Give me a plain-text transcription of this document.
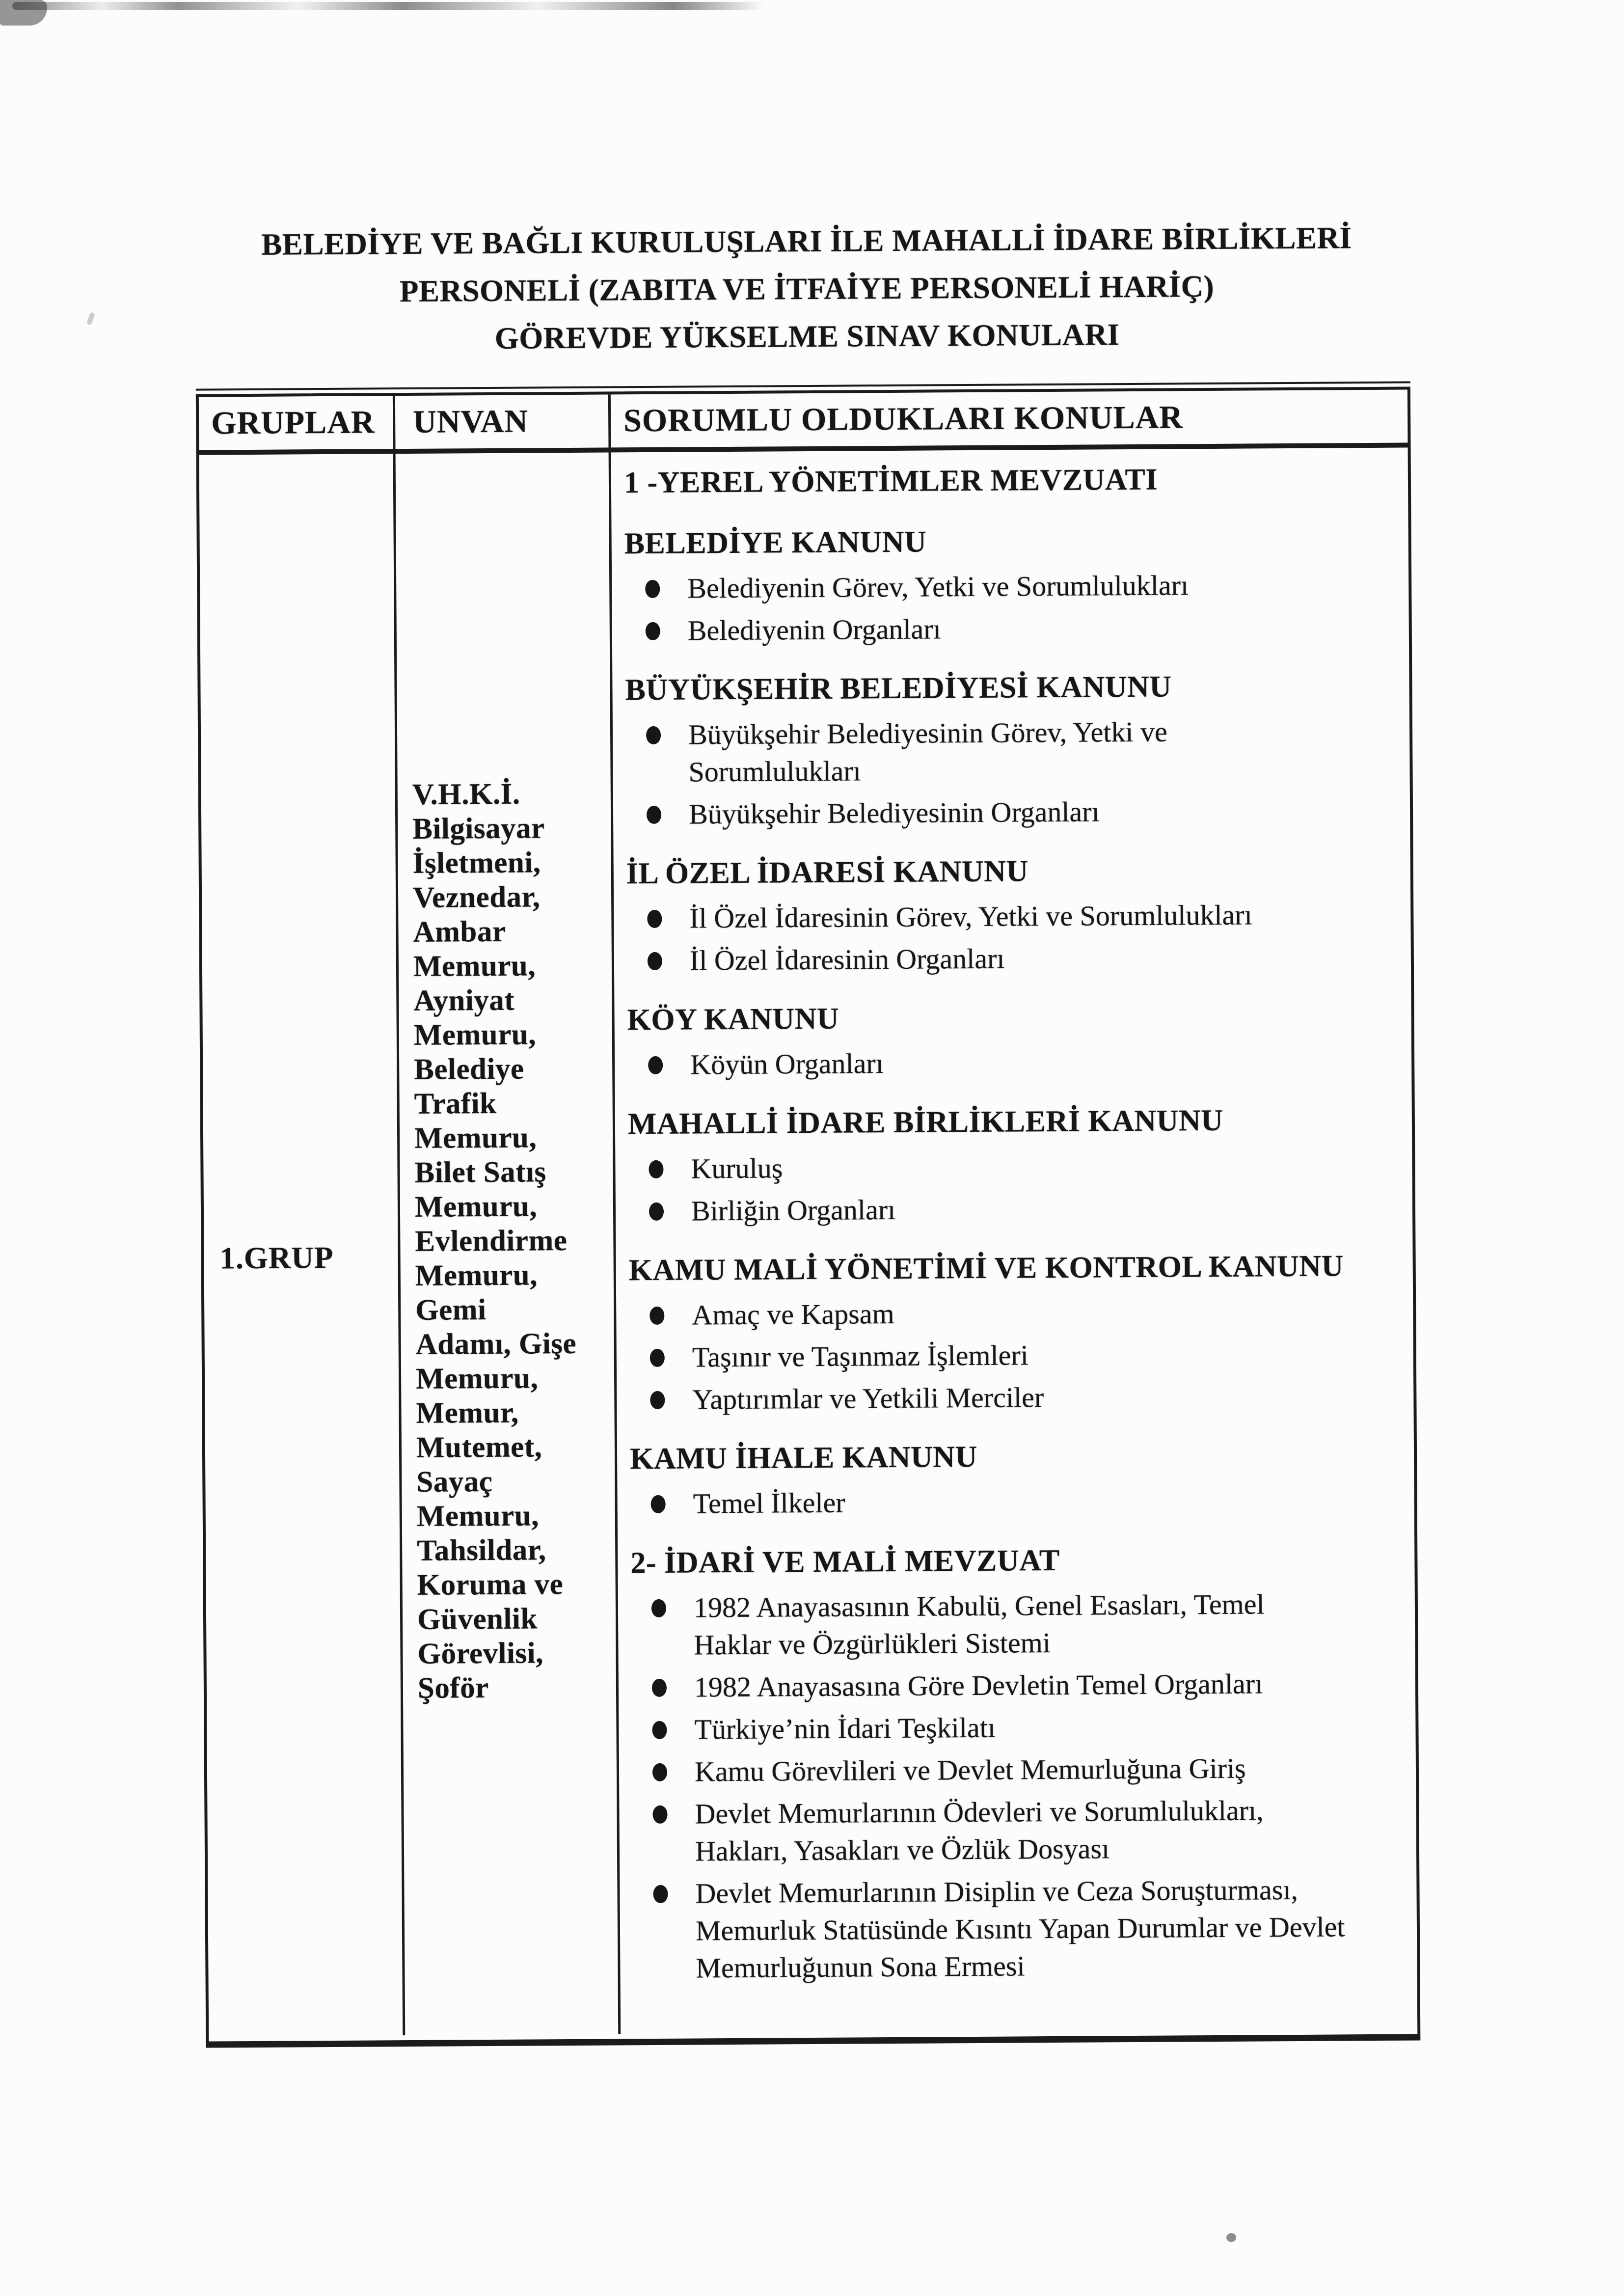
BELEDİYE VE BAĞLI KURULUŞLARI İLE MAHALLİ İDARE BİRLİKLERİ
PERSONELİ (ZABITA VE İTFAİYE PERSONELİ HARİÇ)
GÖREVDE YÜKSELME SINAV KONULARI
GRUPLAR	UNVAN	SORUMLU OLDUKLARI KONULAR
1.GRUP
V.H.K.İ.
Bilgisayar
İşletmeni,
Veznedar,
Ambar
Memuru,
Ayniyat
Memuru,
Belediye
Trafik
Memuru,
Bilet Satış
Memuru,
Evlendirme
Memuru,
Gemi
Adamı, Gişe
Memuru,
Memur,
Mutemet,
Sayaç
Memuru,
Tahsildar,
Koruma ve
Güvenlik
Görevlisi,
Şoför
1 -YEREL YÖNETİMLER MEVZUATI
BELEDİYE KANUNU
Belediyenin Görev, Yetki ve Sorumlulukları
Belediyenin Organları
BÜYÜKŞEHİR BELEDİYESİ KANUNU
Büyükşehir Belediyesinin Görev, Yetki ve
Sorumlulukları
Büyükşehir Belediyesinin Organları
İL ÖZEL İDARESİ KANUNU
İl Özel İdaresinin Görev, Yetki ve Sorumlulukları
İl Özel İdaresinin Organları
KÖY KANUNU
Köyün Organları
MAHALLİ İDARE BİRLİKLERİ KANUNU
Kuruluş
Birliğin Organları
KAMU MALİ YÖNETİMİ VE KONTROL KANUNU
Amaç ve Kapsam
Taşınır ve Taşınmaz İşlemleri
Yaptırımlar ve Yetkili Merciler
KAMU İHALE KANUNU
Temel İlkeler
2- İDARİ VE MALİ MEVZUAT
1982 Anayasasının Kabulü, Genel Esasları, Temel
Haklar ve Özgürlükleri Sistemi
1982 Anayasasına Göre Devletin Temel Organları
Türkiye’nin İdari Teşkilatı
Kamu Görevlileri ve Devlet Memurluğuna Giriş
Devlet Memurlarının Ödevleri ve Sorumlulukları,
Hakları, Yasakları ve Özlük Dosyası
Devlet Memurlarının Disiplin ve Ceza Soruşturması,
Memurluk Statüsünde Kısıntı Yapan Durumlar ve Devlet
Memurluğunun Sona Ermesi
